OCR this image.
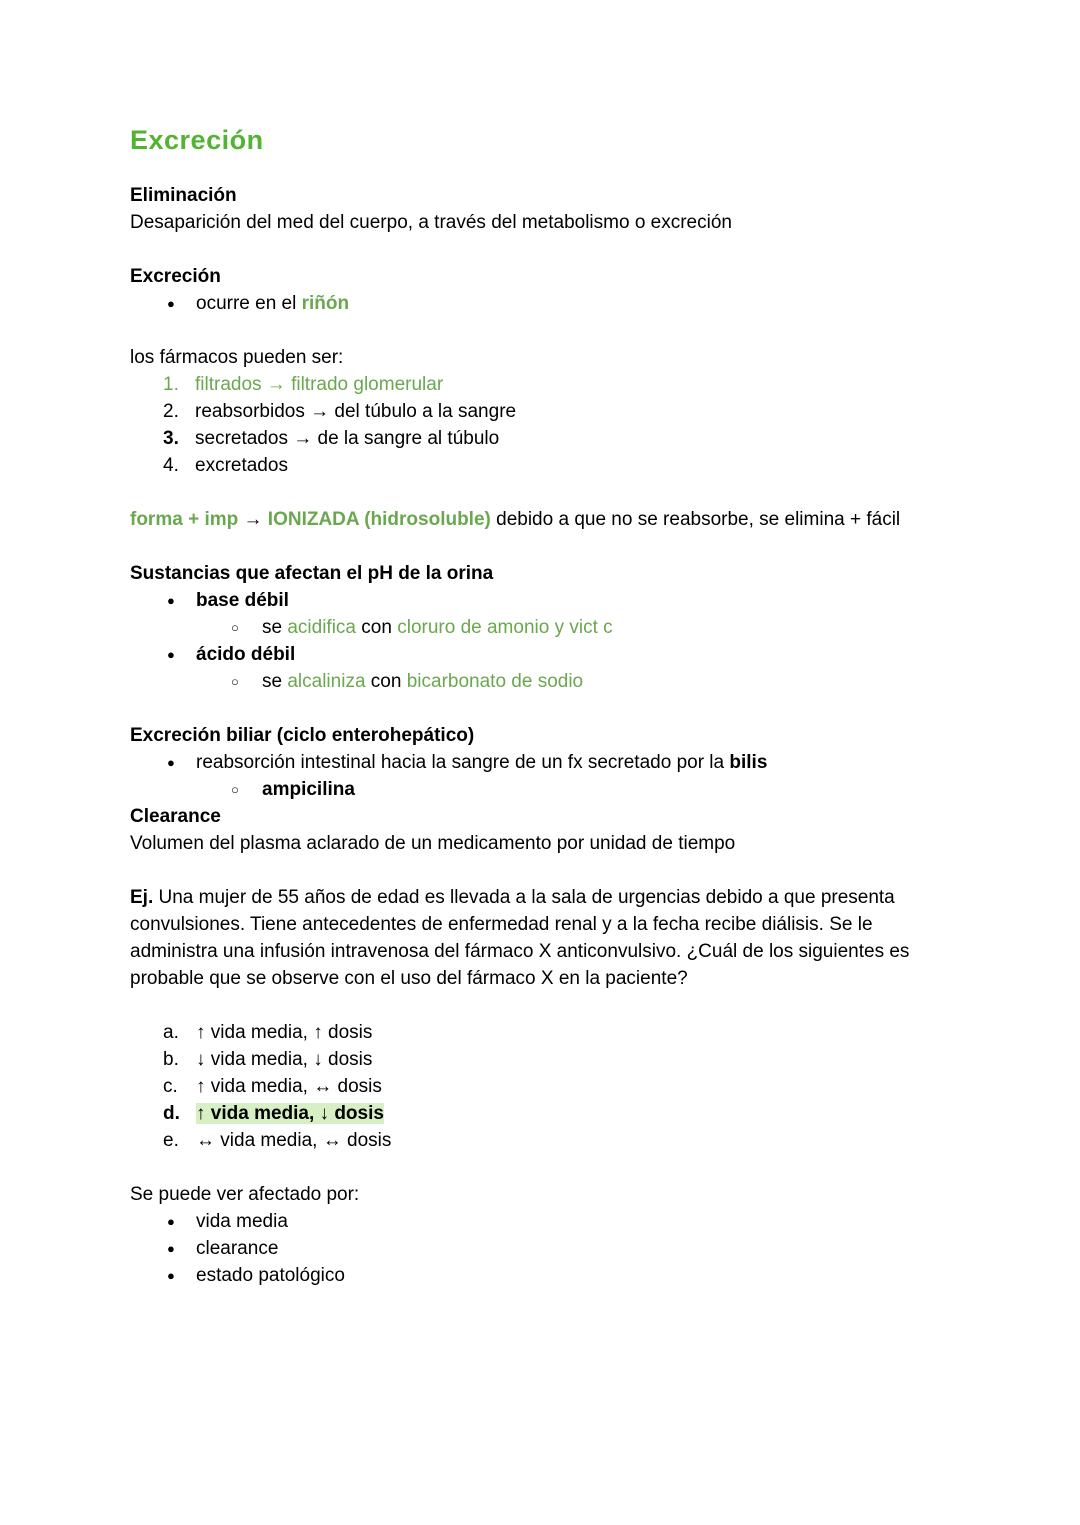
Excreción
Eliminación

Desaparición del med del cuerpo, a través del metabolismo o excreción

Excreción
●	ocurre en el riñón

los fármacos pueden ser:

1. filtrados → filtrado glomerular
2. reabsorbidos → del túbulo a la sangre
3. secretados → de la sangre al túbulo
4. excretados

forma + imp → IONIZADA (hidrosoluble) debido a que no se reabsorbe, se elimina + fácil

Sustancias que afectan el pH de la orina
●	base débil
○	se acidifica con cloruro de amonio y vict c
●	ácido débil
○	se alcaliniza con bicarbonato de sodio
Excreción biliar (ciclo enterohepático)
●	reabsorción intestinal hacia la sangre de un fx secretado por la bilis
○	ampicilina
Clearance

Volumen del plasma aclarado de un medicamento por unidad de tiempo

Ej. Una mujer de 55 años de edad es llevada a la sala de urgencias debido a que presenta convulsiones. Tiene antecedentes de enfermedad renal y a la fecha recibe diálisis. Se le administra una infusión intravenosa del fármaco X anticonvulsivo. ¿Cuál de los siguientes es probable que se observe con el uso del fármaco X en la paciente?

a. ↑ vida media, ↑ dosis
b. ↓ vida media, ↓ dosis
c. ↑ vida media, ↔ dosis
d. ↑ vida media, ↓ dosis
e. ↔ vida media, ↔ dosis

Se puede ver afectado por:

●	vida media
●	clearance
●	estado patológico
